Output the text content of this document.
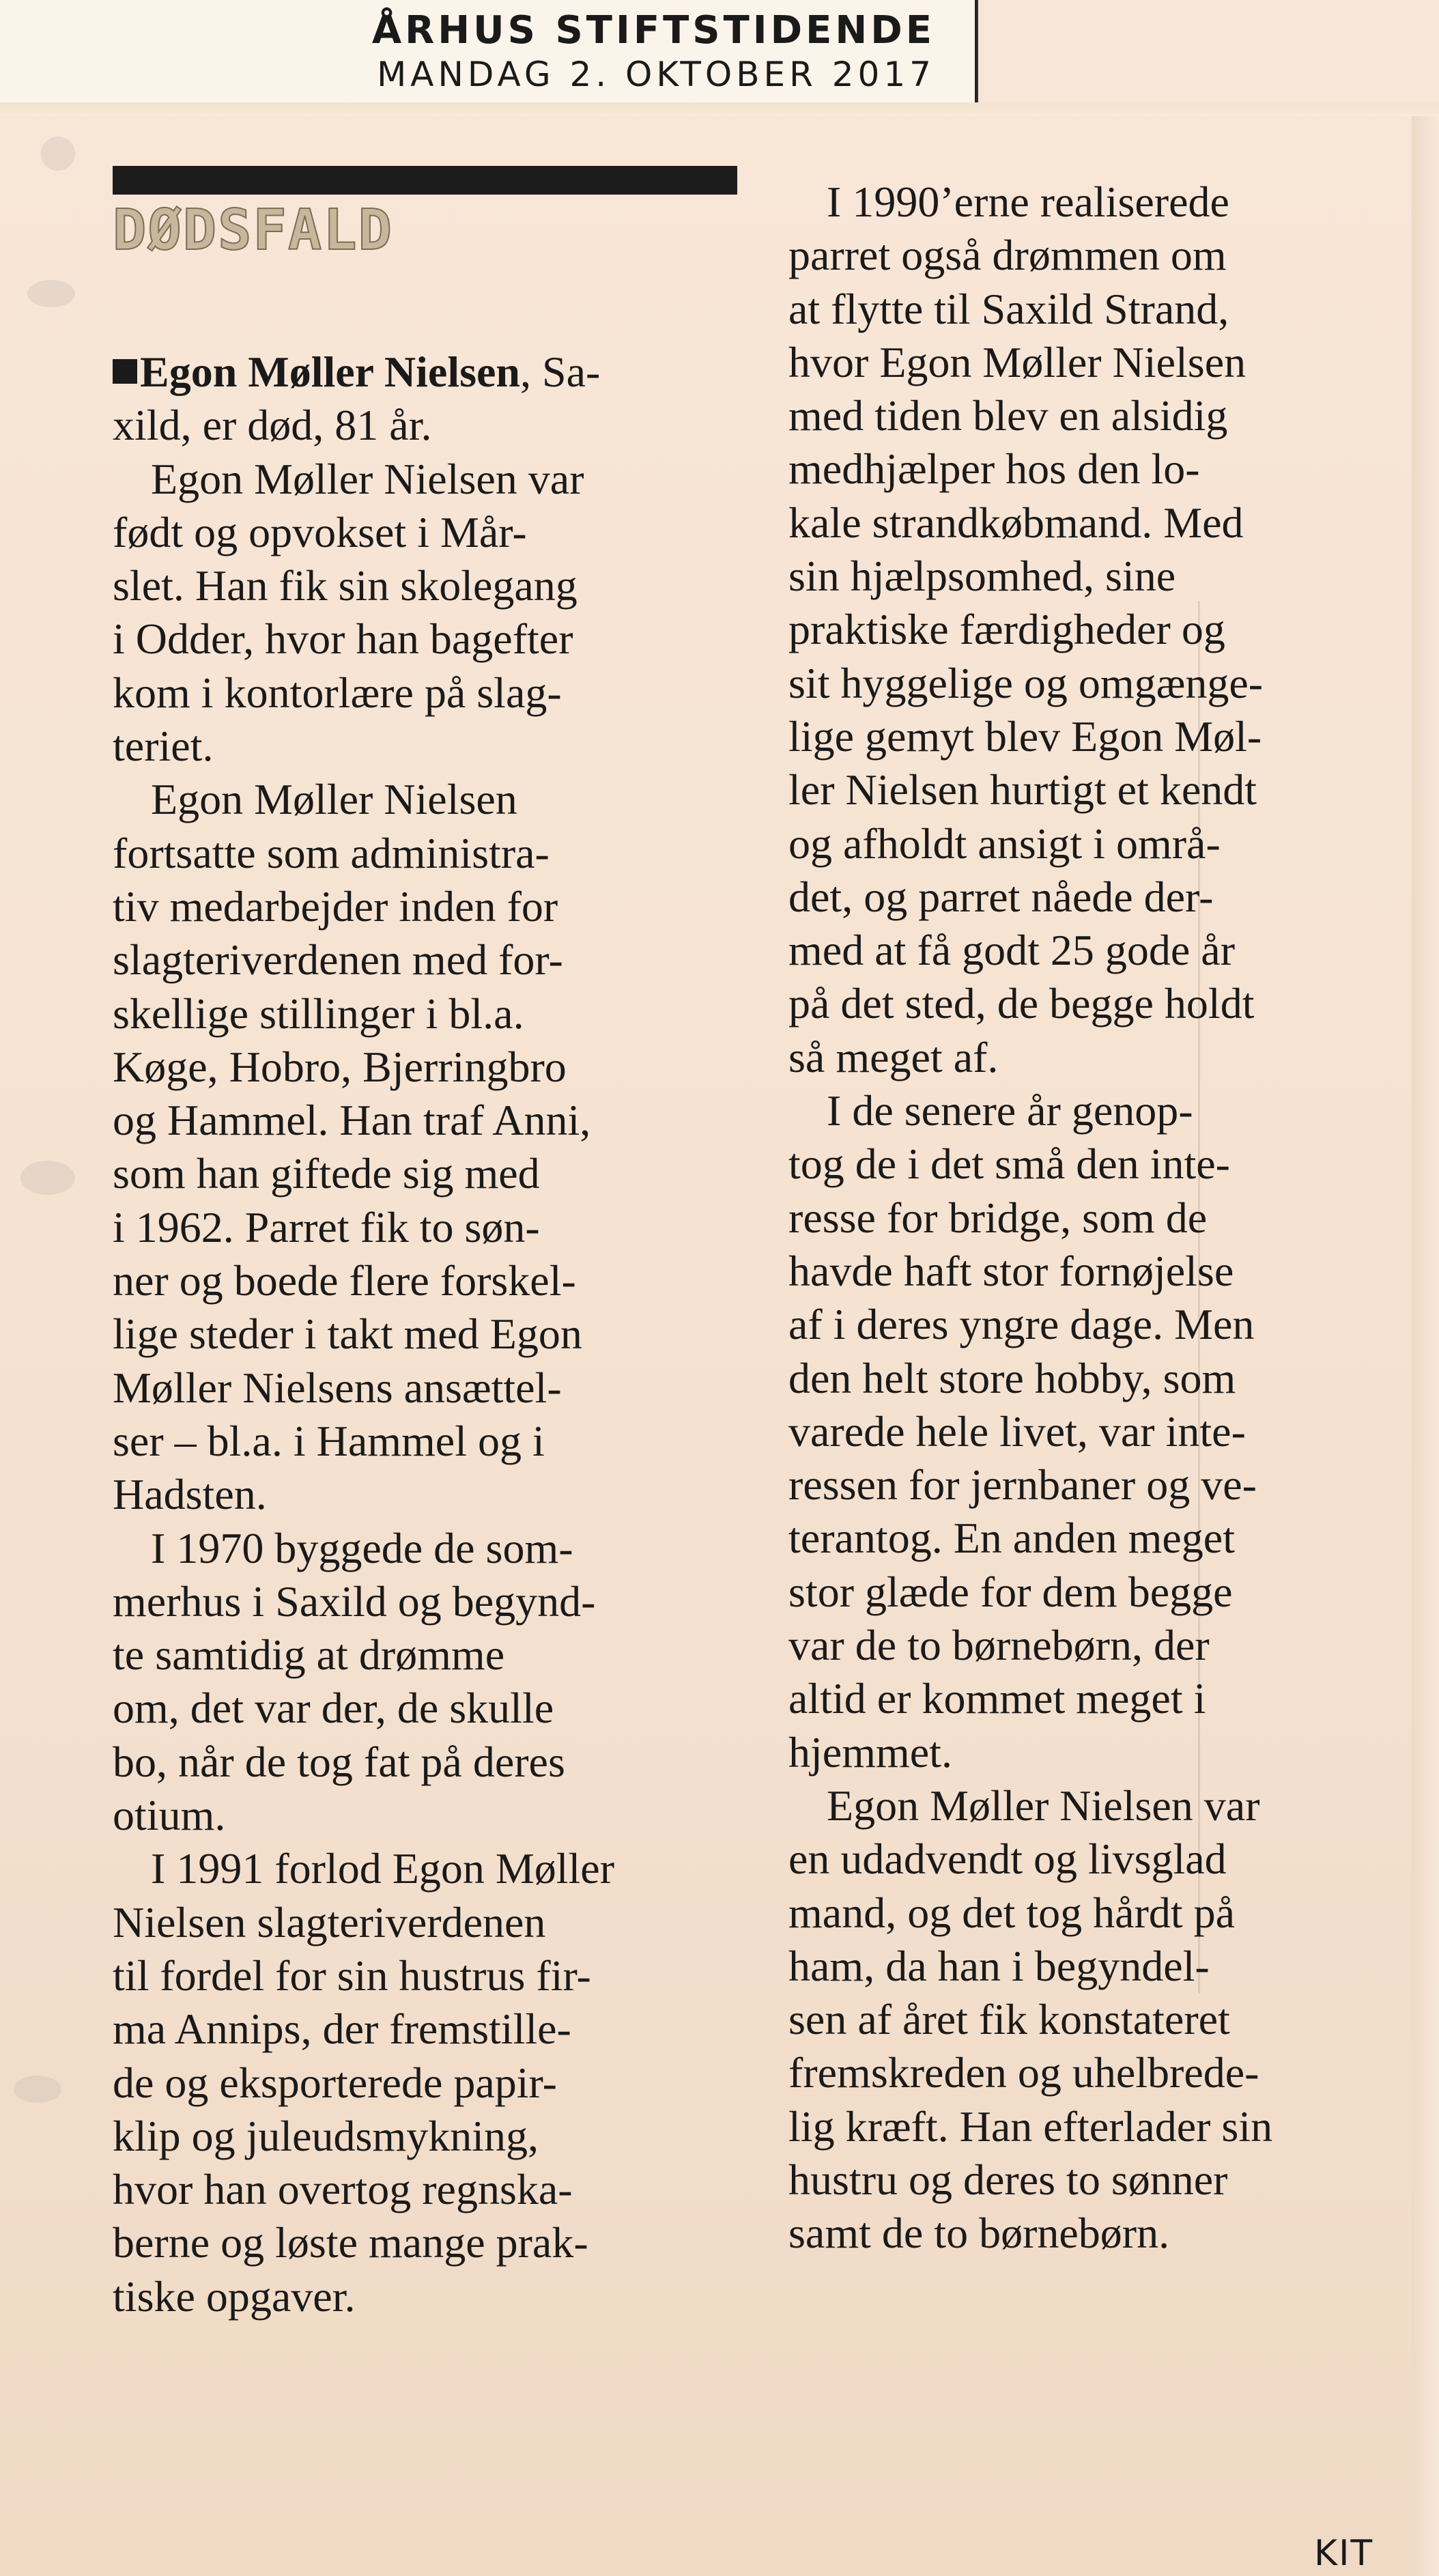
ÅRHUS STIFTSTIDENDE
MANDAG 2. OKTOBER 2017
DØDSFALD

Egon Møller Nielsen, Sa-
xild, er død, 81 år.

Egon Møller Nielsen var
født og opvokset i Mår-
slet. Han fik sin skolegang
i Odder, hvor han bagefter
kom i kontorlære på slag-
teriet.

Egon Møller Nielsen
fortsatte som administra-
tiv medarbejder inden for
slagteriverdenen med for-
skellige stillinger i bl.a.
Køge, Hobro, Bjerringbro
og Hammel. Han traf Anni,
som han giftede sig med
i 1962. Parret fik to søn-
ner og boede flere forskel-
lige steder i takt med Egon
Møller Nielsens ansættel-
ser – bl.a. i Hammel og i
Hadsten.

I 1970 byggede de som-
merhus i Saxild og begynd-
te samtidig at drømme
om, det var der, de skulle
bo, når de tog fat på deres
otium.

I 1991 forlod Egon Møller
Nielsen slagteriverdenen
til fordel for sin hustrus fir-
ma Annips, der fremstille-
de og eksporterede papir-
klip og juleudsmykning,
hvor han overtog regnska-
berne og løste mange prak-
tiske opgaver.

I 1990’erne realiserede
parret også drømmen om
at flytte til Saxild Strand,
hvor Egon Møller Nielsen
med tiden blev en alsidig
medhjælper hos den lo-
kale strandkøbmand. Med
sin hjælpsomhed, sine
praktiske færdigheder og
sit hyggelige og omgænge-
lige gemyt blev Egon Møl-
ler Nielsen hurtigt et kendt
og afholdt ansigt i områ-
det, og parret nåede der-
med at få godt 25 gode år
på det sted, de begge holdt
så meget af.

I de senere år genop-
tog de i det små den inte-
resse for bridge, som de
havde haft stor fornøjelse
af i deres yngre dage. Men
den helt store hobby, som
varede hele livet, var inte-
ressen for jernbaner og ve-
terantog. En anden meget
stor glæde for dem begge
var de to børnebørn, der
altid er kommet meget i
hjemmet.

Egon Møller Nielsen var
en udadvendt og livsglad
mand, og det tog hårdt på
ham, da han i begyndel-
sen af året fik konstateret
fremskreden og uhelbrede-
lig kræft. Han efterlader sin
hustru og deres to sønner
samt de to børnebørn.

KIT
